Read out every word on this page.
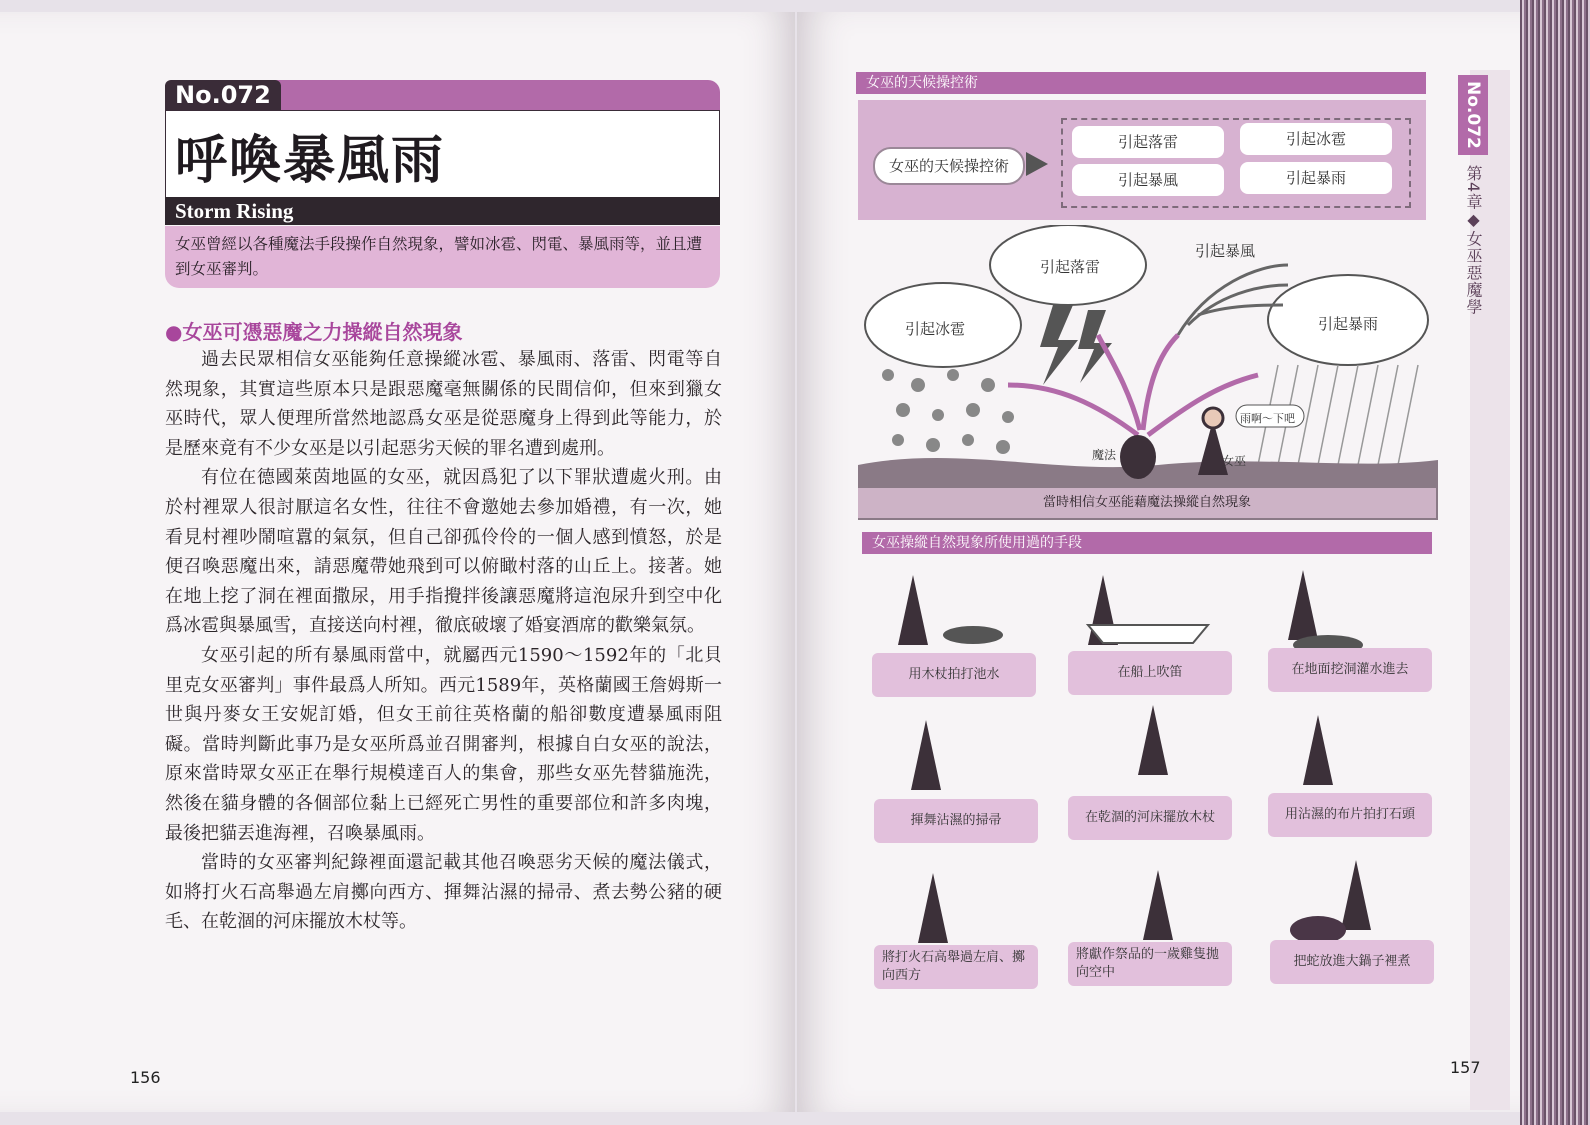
No.072
呼喚暴風雨
Storm Rising
女巫曾經以各種魔法手段操作自然現象，譬如冰雹、閃電、暴風雨等，並且遭到女巫審判。
●女巫可憑惡魔之力操縱自然現象

過去民眾相信女巫能夠任意操縱冰雹、暴風雨、落雷、閃電等自然現象，其實這些原本只是跟惡魔毫無關係的民間信仰，但來到獵女巫時代，眾人便理所當然地認爲女巫是從惡魔身上得到此等能力，於是歷來竟有不少女巫是以引起惡劣天候的罪名遭到處刑。

有位在德國萊茵地區的女巫，就因爲犯了以下罪狀遭處火刑。由於村裡眾人很討厭這名女性，往往不會邀她去參加婚禮，有一次，她看見村裡吵鬧喧囂的氣氛，但自己卻孤伶伶的一個人感到憤怒，於是便召喚惡魔出來，請惡魔帶她飛到可以俯瞰村落的山丘上。接著。她在地上挖了洞在裡面撒尿，用手指攪拌後讓惡魔將這泡尿升到空中化爲冰雹與暴風雪，直接送向村裡，徹底破壞了婚宴酒席的歡樂氣氛。

女巫引起的所有暴風雨當中，就屬西元1590～1592年的「北貝里克女巫審判」事件最爲人所知。西元1589年，英格蘭國王詹姆斯一世與丹麥女王安妮訂婚，但女王前往英格蘭的船卻數度遭暴風雨阻礙。當時判斷此事乃是女巫所爲並召開審判，根據自白女巫的說法，原來當時眾女巫正在舉行規模達百人的集會，那些女巫先替貓施洗，然後在貓身體的各個部位黏上已經死亡男性的重要部位和許多肉塊，最後把貓丟進海裡，召喚暴風雨。

當時的女巫審判紀錄裡面還記載其他召喚惡劣天候的魔法儀式，如將打火石高舉過左肩擲向西方、揮舞沾濕的掃帚、煮去勢公豬的硬毛、在乾涸的河床擺放木杖等。

156
No.072
第4章◆女巫惡魔學
女巫的天候操控術
女巫的天候操控術
引起落雷	引起冰雹
引起暴風	引起暴雨
引起冰雹
引起落雷
引起暴風
引起暴雨
魔法	女巫
雨啊～下吧
當時相信女巫能藉魔法操縱自然現象
女巫操縱自然現象所使用過的手段
用木杖拍打池水	在船上吹笛	在地面挖洞灌水進去
揮舞沾濕的掃帚	在乾涸的河床擺放木杖	用沾濕的布片拍打石頭
將打火石高舉過左肩、擲向西方
將獻作祭品的一歲雞隻拋向空中
把蛇放進大鍋子裡煮
157
